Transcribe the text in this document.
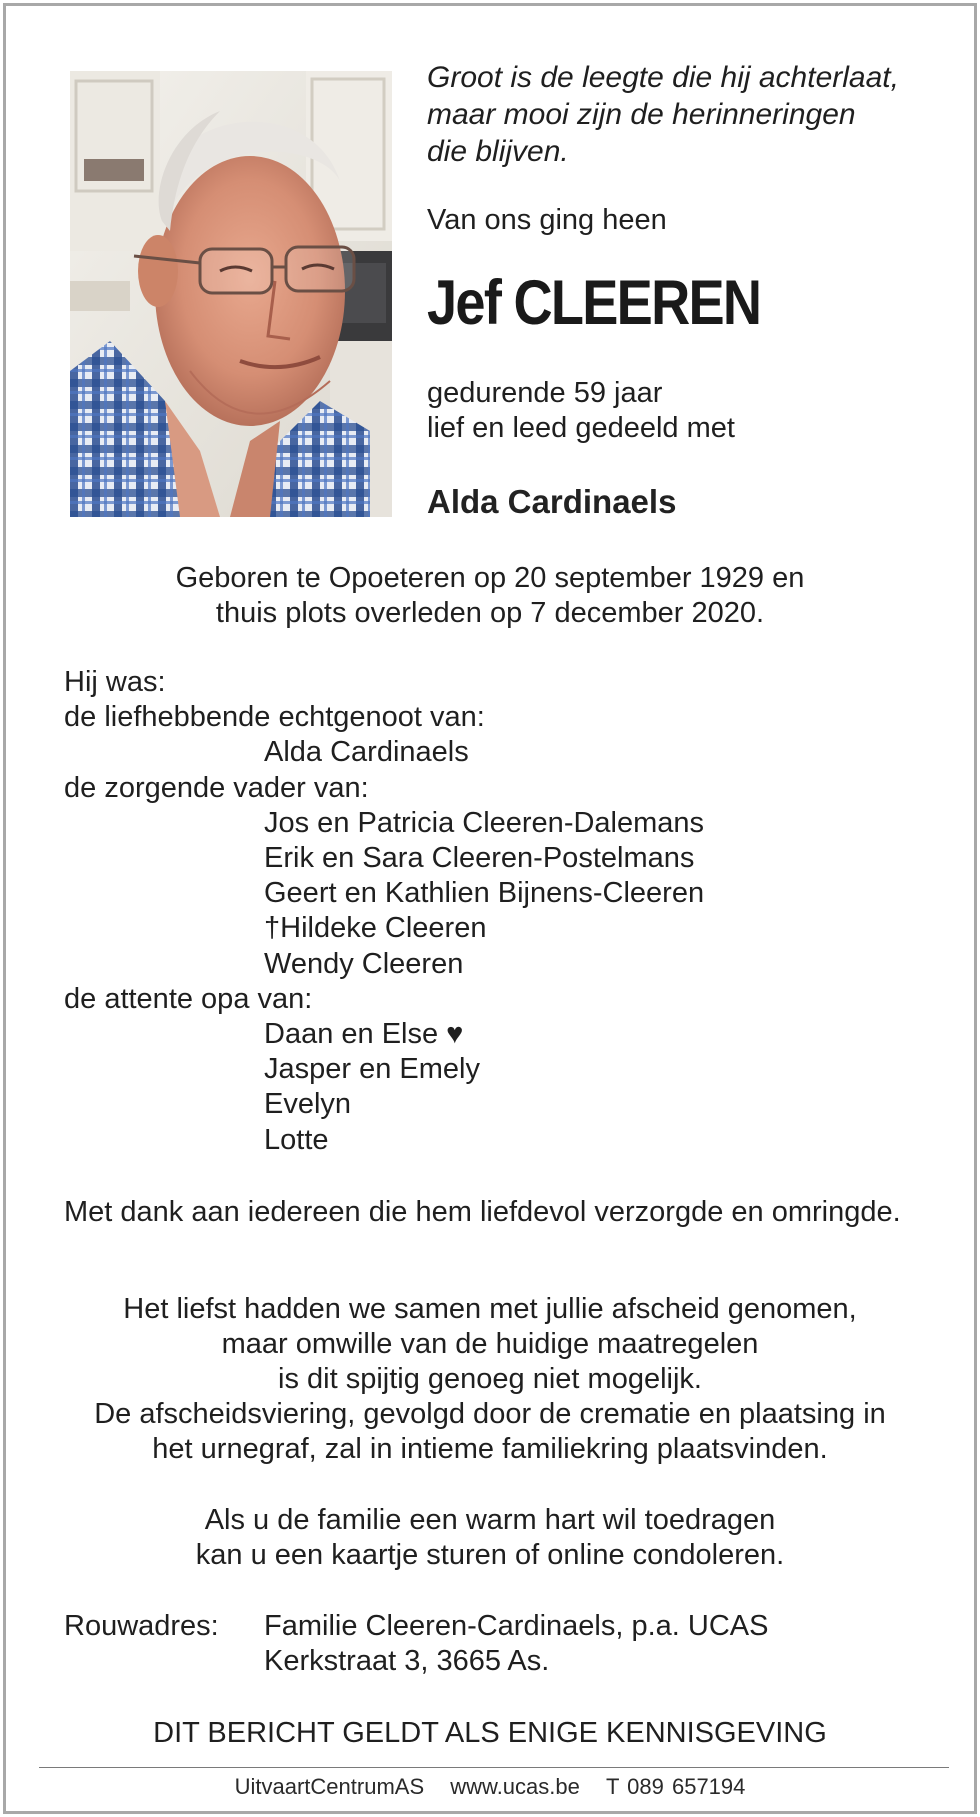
Groot is de leegte die hij achterlaat,
maar mooi zijn de herinneringen
die blijven.
Van ons ging heen
Jef CLEEREN
gedurende 59 jaar
lief en leed gedeeld met
Alda Cardinaels
Geboren te Opoeteren op 20 september 1929 en
thuis plots overleden op 7 december 2020.
Hij was:
de liefhebbende echtgenoot van:
Alda Cardinaels
de zorgende vader van:
Jos en Patricia Cleeren-Dalemans
Erik en Sara Cleeren-Postelmans
Geert en Kathlien Bijnens-Cleeren
†Hildeke Cleeren
Wendy Cleeren
de attente opa van:
Daan en Else ♥
Jasper en Emely
Evelyn
Lotte
Met dank aan iedereen die hem liefdevol verzorgde en omringde.
Het liefst hadden we samen met jullie afscheid genomen,
maar omwille van de huidige maatregelen
is dit spijtig genoeg niet mogelijk.
De afscheidsviering, gevolgd door de crematie en plaatsing in
het urnegraf, zal in intieme familiekring plaatsvinden.
Als u de familie een warm hart wil toedragen
kan u een kaartje sturen of online condoleren.
Rouwadres: Familie Cleeren-Cardinaels, p.a. UCAS
Kerkstraat 3, 3665 As.
DIT BERICHT GELDT ALS ENIGE KENNISGEVING
UitvaartCentrumAS www.ucas.be T 089 657194
